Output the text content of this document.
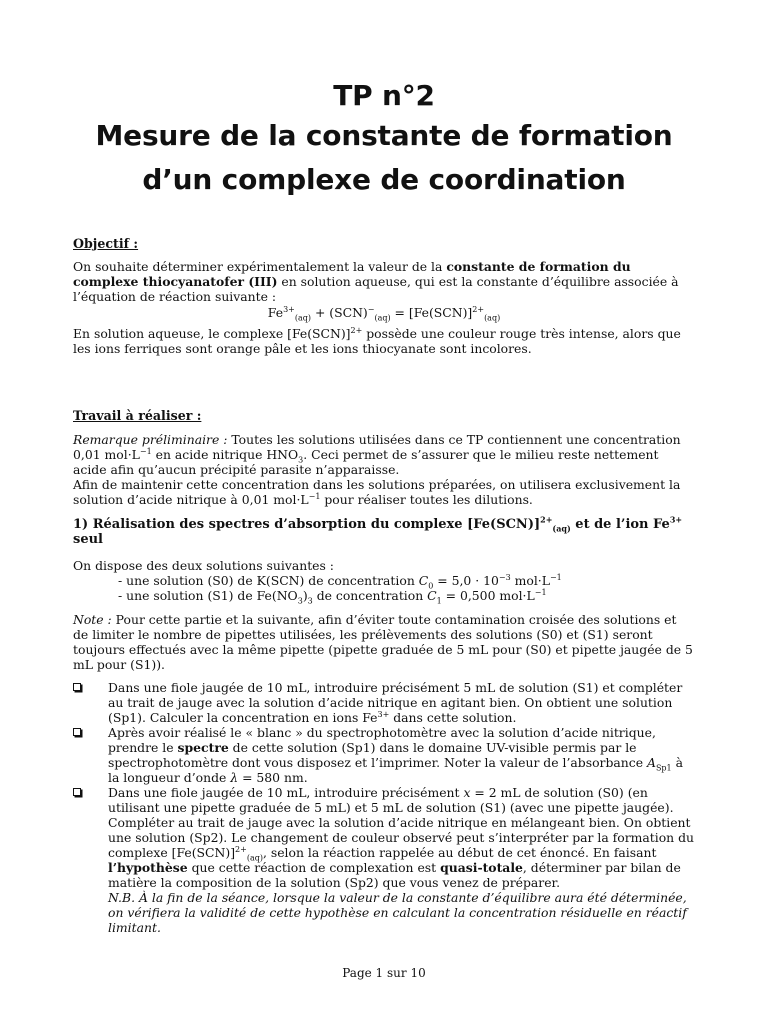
TP n°2
Mesure de la constante de formation
d’un complexe de coordination

Objectif :

On souhaite déterminer expérimentalement la valeur de la constante de formation du complexe thiocyanatofer (III) en solution aqueuse, qui est la constante d’équilibre associée à l’équation de réaction suivante :

$Fe^{3+}_{(aq)} + (SCN)^-_{(aq)} = [Fe(SCN)]^{2+}_{(aq)}$

En solution aqueuse, le complexe $[Fe(SCN)]^{2+}$ possède une couleur rouge très intense, alors que les ions ferriques sont orange pâle et les ions thiocyanate sont incolores.

Travail à réaliser :

Remarque préliminaire : Toutes les solutions utilisées dans ce TP contiennent une concentration 0,01 $mol\cdot L^{-1}$ en acide nitrique $HNO_3$. Ceci permet de s’assurer que le milieu reste nettement acide afin qu’aucun précipité parasite n’apparaisse.

Afin de maintenir cette concentration dans les solutions préparées, on utilisera exclusivement la solution d’acide nitrique à 0,01 $mol\cdot L^{-1}$ pour réaliser toutes les dilutions.

1) Réalisation des spectres d’absorption du complexe $[Fe(SCN)]^{2+}_{(aq)}$ et de l’ion $Fe^{3+}$ seul

On dispose des deux solutions suivantes :

- une solution (S0) de K(SCN) de concentration $C_0 = 5,0 \cdot 10^{-3}$ $mol\cdot L^{-1}$

- une solution (S1) de $Fe(NO_3)_3$ de concentration $C_1 = 0,500$ $mol\cdot L^{-1}$

Note : Pour cette partie et la suivante, afin d’éviter toute contamination croisée des solutions et de limiter le nombre de pipettes utilisées, les prélèvements des solutions (S0) et (S1) seront toujours effectués avec la même pipette (pipette graduée de 5 mL pour (S0) et pipette jaugée de 5 mL pour (S1)).

Dans une fiole jaugée de 10 mL, introduire précisément 5 mL de solution (S1) et compléter au trait de jauge avec la solution d’acide nitrique en agitant bien. On obtient une solution (Sp1). Calculer la concentration en ions $Fe^{3+}$ dans cette solution.
Après avoir réalisé le « blanc » du spectrophotomètre avec la solution d’acide nitrique, prendre le spectre de cette solution (Sp1) dans le domaine UV-visible permis par le spectrophotomètre dont vous disposez et l’imprimer. Noter la valeur de l’absorbance $A_{Sp1}$ à la longueur d’onde λ = 580 nm.
Dans une fiole jaugée de 10 mL, introduire précisément x = 2 mL de solution (S0) (en utilisant une pipette graduée de 5 mL) et 5 mL de solution (S1) (avec une pipette jaugée). Compléter au trait de jauge avec la solution d’acide nitrique en mélangeant bien. On obtient une solution (Sp2). Le changement de couleur observé peut s’interpréter par la formation du complexe $[Fe(SCN)]^{2+}_{(aq)}$, selon la réaction rappelée au début de cet énoncé. En faisant l’hypothèse que cette réaction de complexation est quasi-totale, déterminer par bilan de matière la composition de la solution (Sp2) que vous venez de préparer.
N.B. À la fin de la séance, lorsque la valeur de la constante d’équilibre aura été déterminée, on vérifiera la validité de cette hypothèse en calculant la concentration résiduelle en réactif limitant.
Page 1 sur 10
